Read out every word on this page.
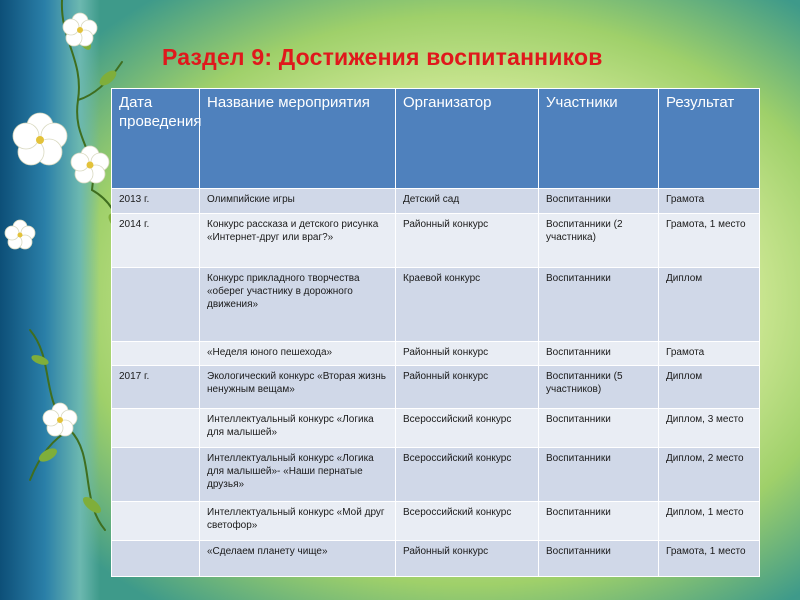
Раздел 9: Достижения воспитанников
Дата проведения	Название мероприятия	Организатор	Участники	Результат
2013 г.	Олимпийские игры	Детский сад	Воспитанники	Грамота
2014 г.	Конкурс рассказа и детского рисунка «Интернет-друг или враг?»	Районный конкурс	Воспитанники (2 участника)	Грамота, 1 место
	Конкурс прикладного творчества «оберег участнику в дорожного движения»	Краевой конкурс	Воспитанники	Диплом
	«Неделя юного пешехода»	Районный конкурс	Воспитанники	Грамота
2017 г.	Экологический конкурс «Вторая жизнь ненужным вещам»	Районный конкурс	Воспитанники (5 участников)	Диплом
	Интеллектуальный конкурс «Логика для малышей»	Всероссийский конкурс	Воспитанники	Диплом, 3 место
	Интеллектуальный конкурс «Логика для малышей»- «Наши пернатые друзья»	Всероссийский конкурс	Воспитанники	Диплом, 2 место
	Интеллектуальный конкурс «Мой друг светофор»	Всероссийский конкурс	Воспитанники	Диплом, 1 место
	«Сделаем планету чище»	Районный конкурс	Воспитанники	Грамота, 1 место
